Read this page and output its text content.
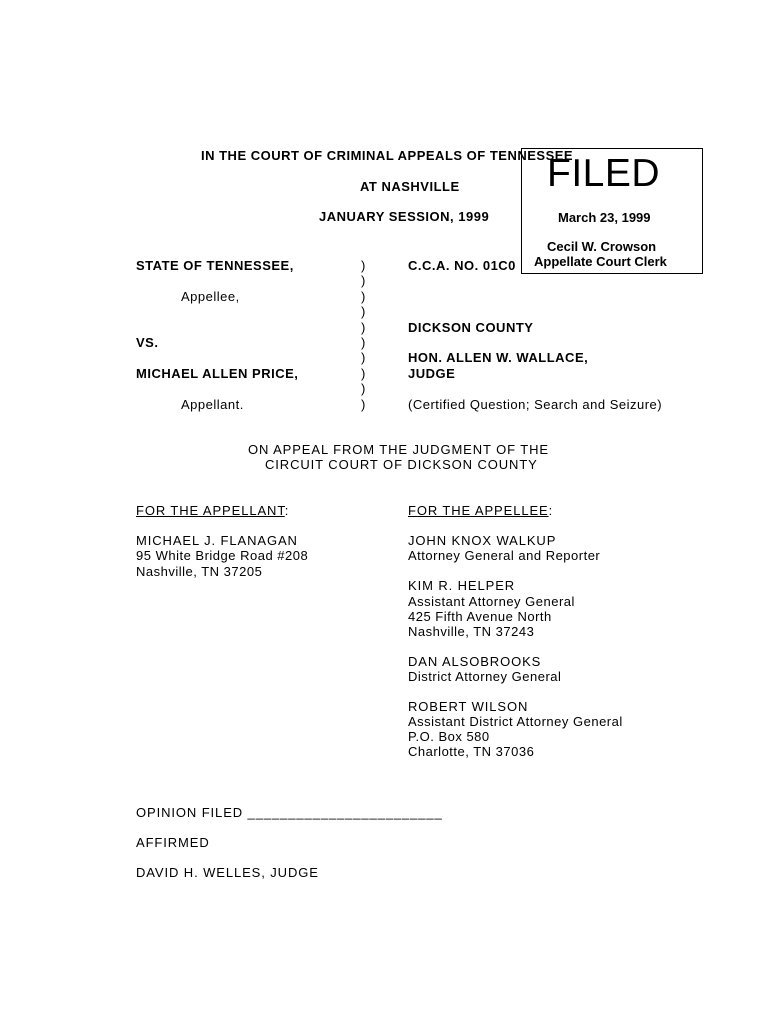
IN THE COURT OF CRIMINAL APPEALS OF TENNESSEE
AT NASHVILLE
JANUARY SESSION, 1999
STATE OF TENNESSEE,
Appellee,
VS.
MICHAEL ALLEN PRICE,
Appellant.
)
)
)
)
)
)
)
)
)
)
C.C.A. NO. 01C0
DICKSON COUNTY
HON. ALLEN W. WALLACE,
JUDGE
(Certified Question; Search and Seizure)
FILED
March 23, 1999
Cecil W. Crowson
Appellate Court Clerk
ON APPEAL FROM THE JUDGMENT OF THE
CIRCUIT COURT OF DICKSON COUNTY
FOR THE APPELLANT:	FOR THE APPELLEE:
MICHAEL J. FLANAGAN
95 White Bridge Road #208
Nashville, TN 37205
JOHN KNOX WALKUP
Attorney General and Reporter
KIM R. HELPER
Assistant Attorney General
425 Fifth Avenue North
Nashville, TN 37243
DAN ALSOBROOKS
District Attorney General
ROBERT WILSON
Assistant District Attorney General
P.O. Box 580
Charlotte, TN 37036
OPINION FILED ________________________
AFFIRMED
DAVID H. WELLES, JUDGE
